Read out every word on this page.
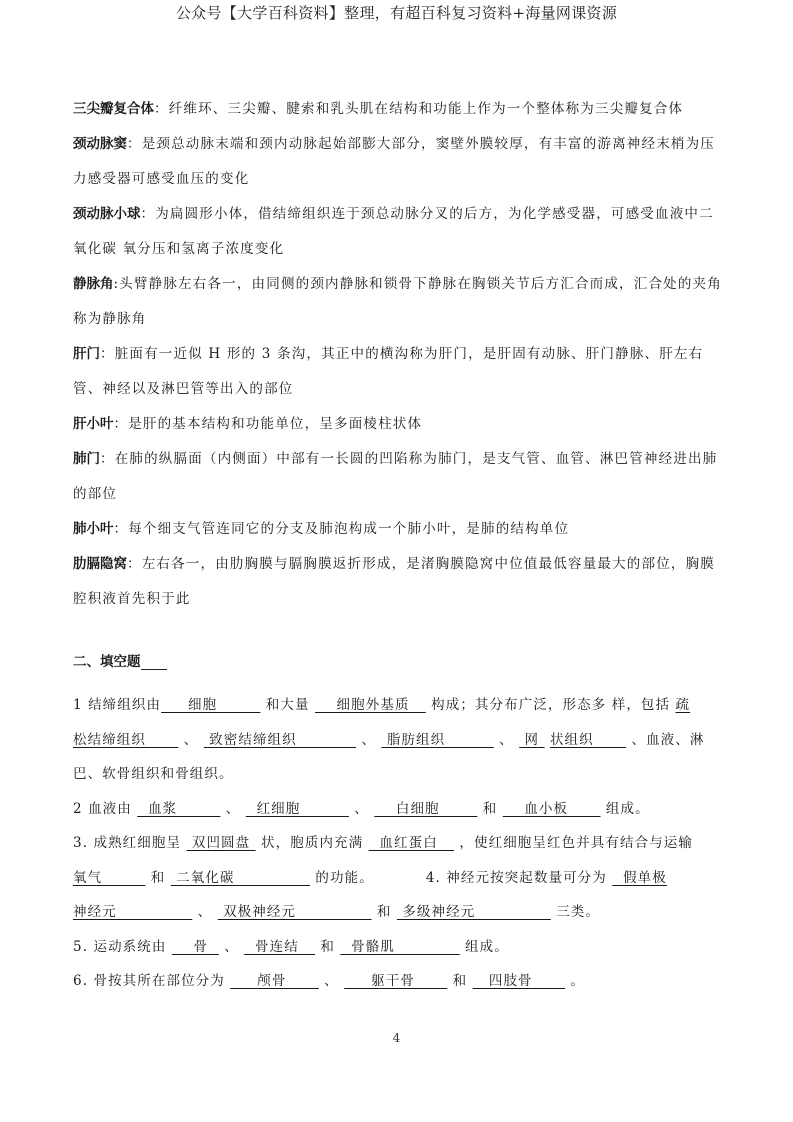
公众号【大学百科资料】整理，有超百科复习资料+海量网课资源

三尖瓣复合体：纤维环、三尖瓣、腱索和乳头肌在结构和功能上作为一个整体称为三尖瓣复合体

颈动脉窦：是颈总动脉末端和颈内动脉起始部膨大部分，窦壁外膜较厚，有丰富的游离神经末梢为压力感受器可感受血压的变化

颈动脉小球：为扁圆形小体，借结缔组织连于颈总动脉分叉的后方，为化学感受器，可感受血液中二氧化碳 氧分压和氢离子浓度变化

静脉角:头臂静脉左右各一，由同侧的颈内静脉和锁骨下静脉在胸锁关节后方汇合而成，汇合处的夹角称为静脉角

肝门：脏面有一近似 H 形的 3 条沟，其正中的横沟称为肝门，是肝固有动脉、肝门静脉、肝左右管、神经以及淋巴管等出入的部位

肝小叶：是肝的基本结构和功能单位，呈多面棱柱状体

肺门：在肺的纵膈面（内侧面）中部有一长圆的凹陷称为肺门，是支气管、血管、淋巴管神经进出肺的部位

肺小叶：每个细支气管连同它的分支及肺泡构成一个肺小叶，是肺的结构单位

肋膈隐窝：左右各一，由肋胸膜与膈胸膜返折形成，是渚胸膜隐窝中位值最低容量最大的部位，胸膜腔积液首先积于此

二、填空题

1 结缔组织由     细胞         和大量     细胞外基质    构成；其分布广泛，形态多 样，包括 疏松结缔组织       、  致密结缔组织            、  脂肪组织          、  网  状组织       、血液、淋巴、软骨组织和骨组织。

2 血液由   血浆         、   红细胞          、     白细胞        和     血小板       组成。

3. 成熟红细胞呈  双凹圆盘  状，胞质内充满   血红蛋白    ，使红细胞呈红色并具有结合与运输氧气         和  二氧化碳               的功能。	4. 神经元按突起数量可分为   假单极神经元               、  双极神经元               和  多级神经元               三类。

5. 运动系统由     骨   、   骨连结    和   骨骼肌             组成。

6. 骨按其所在部位分为      颅骨       、      躯干骨       和    四肢骨       。

4
